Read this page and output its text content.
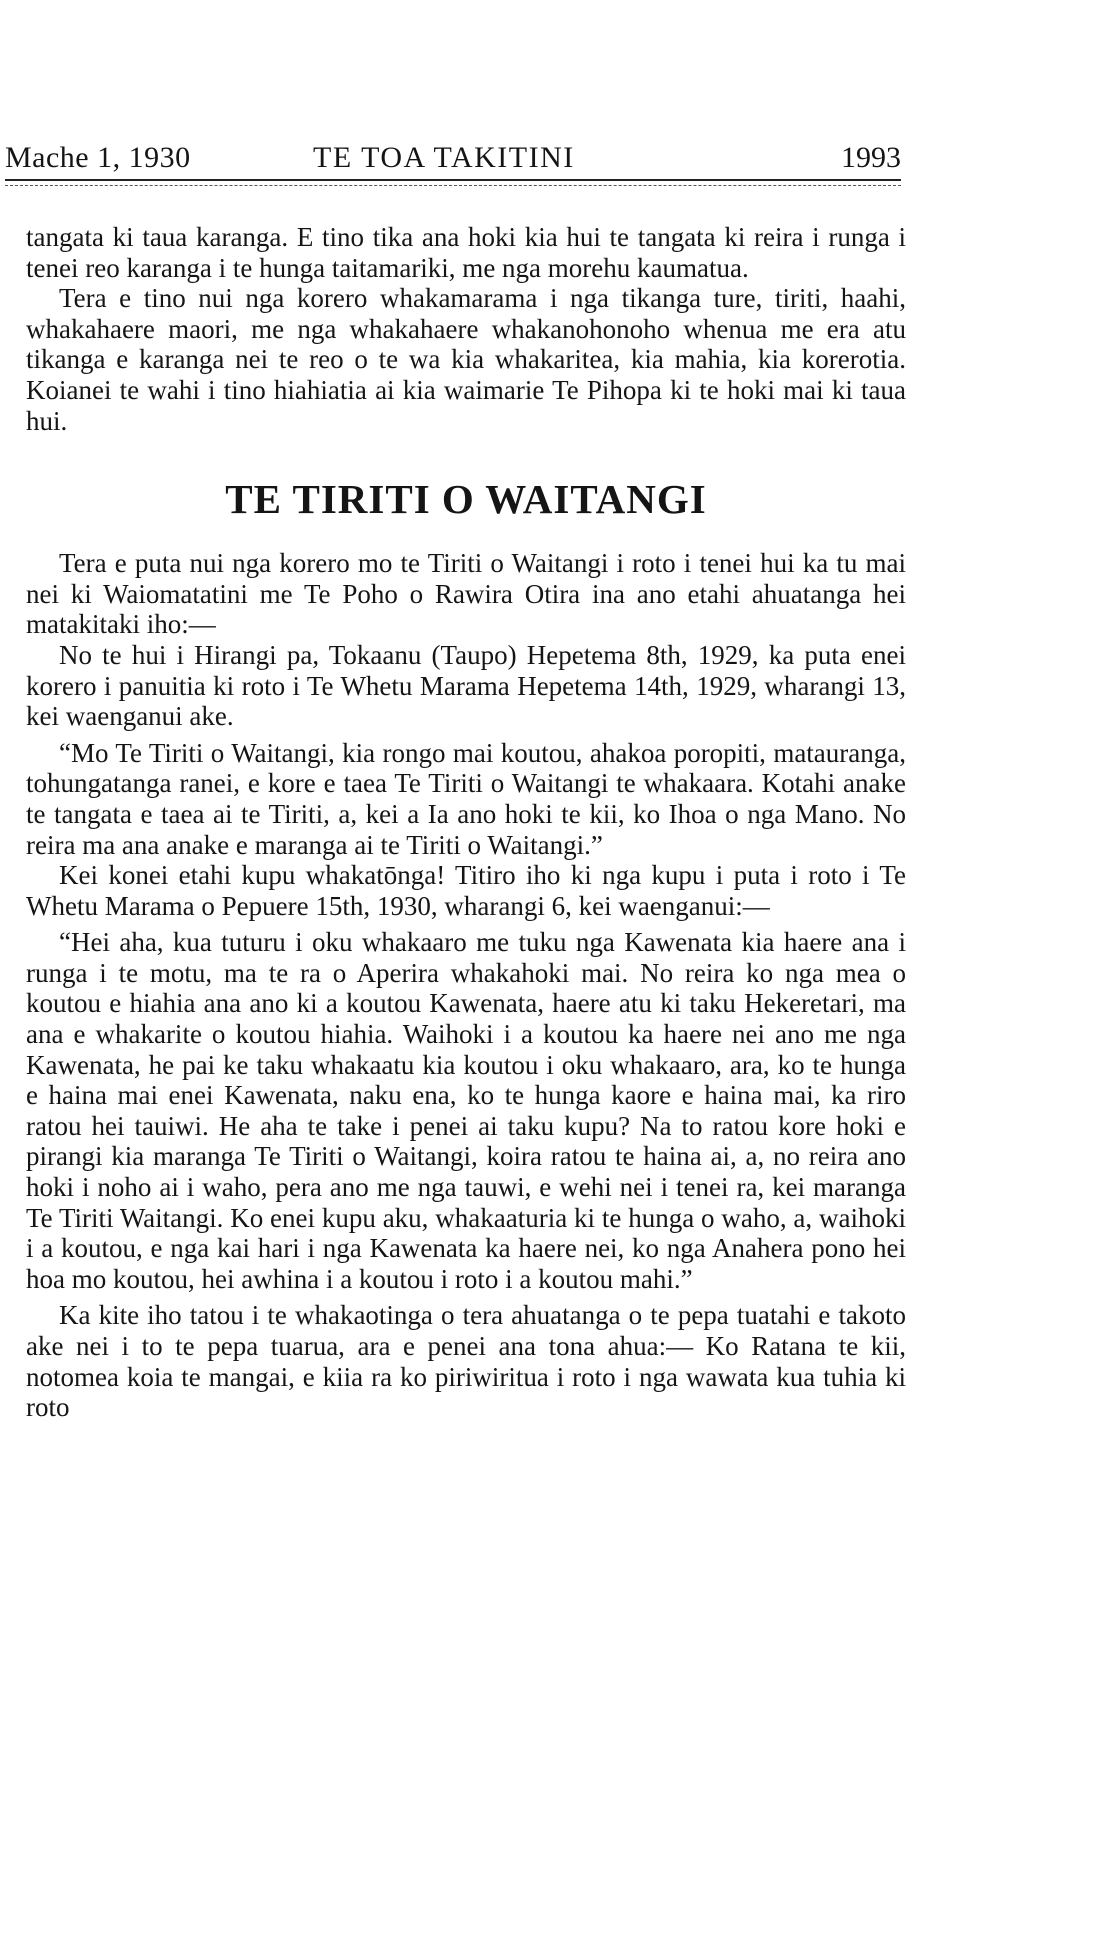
Mache 1, 1930	TE TOA TAKITINI	1993

tangata ki taua karanga. E tino tika ana hoki kia hui te tangata ki reira i runga i tenei reo karanga i te hunga taitamariki, me nga morehu kaumatua.

Tera e tino nui nga korero whakamarama i nga tikanga ture, tiriti, haahi, whakahaere maori, me nga whakahaere whakanohonoho whenua me era atu tikanga e karanga nei te reo o te wa kia whakaritea, kia mahia, kia korerotia. Koianei te wahi i tino hiahiatia ai kia waimarie Te Pihopa ki te hoki mai ki taua hui.

TE TIRITI O WAITANGI

Tera e puta nui nga korero mo te Tiriti o Waitangi i roto i tenei hui ka tu mai nei ki Waiomatatini me Te Poho o Rawira Otira ina ano etahi ahuatanga hei matakitaki iho:—

No te hui i Hirangi pa, Tokaanu (Taupo) Hepetema 8th, 1929, ka puta enei korero i panuitia ki roto i Te Whetu Marama Hepetema 14th, 1929, wharangi 13, kei waenganui ake.

“Mo Te Tiriti o Waitangi, kia rongo mai koutou, ahakoa poropiti, matauranga, tohungatanga ranei, e kore e taea Te Tiriti o Waitangi te whakaara. Kotahi anake te tangata e taea ai te Tiriti, a, kei a Ia ano hoki te kii, ko Ihoa o nga Mano. No reira ma ana anake e maranga ai te Tiriti o Waitangi.”

Kei konei etahi kupu whakatōnga! Titiro iho ki nga kupu i puta i roto i Te Whetu Marama o Pepuere 15th, 1930, wharangi 6, kei waenganui:—

“Hei aha, kua tuturu i oku whakaaro me tuku nga Kawenata kia haere ana i runga i te motu, ma te ra o Aperira whakahoki mai. No reira ko nga mea o koutou e hiahia ana ano ki a koutou Kawenata, haere atu ki taku Hekeretari, ma ana e whakarite o koutou hiahia. Waihoki i a koutou ka haere nei ano me nga Kawenata, he pai ke taku whakaatu kia koutou i oku whakaaro, ara, ko te hunga e haina mai enei Kawenata, naku ena, ko te hunga kaore e haina mai, ka riro ratou hei tauiwi. He aha te take i penei ai taku kupu? Na to ratou kore hoki e pirangi kia maranga Te Tiriti o Waitangi, koira ratou te haina ai, a, no reira ano hoki i noho ai i waho, pera ano me nga tauwi, e wehi nei i tenei ra, kei maranga Te Tiriti Waitangi. Ko enei kupu aku, whakaaturia ki te hunga o waho, a, waihoki i a koutou, e nga kai hari i nga Kawenata ka haere nei, ko nga Anahera pono hei hoa mo koutou, hei awhina i a koutou i roto i a koutou mahi.”

Ka kite iho tatou i te whakaotinga o tera ahuatanga o te pepa tuatahi e takoto ake nei i to te pepa tuarua, ara e penei ana tona ahua:— Ko Ratana te kii, notomea koia te mangai, e kiia ra ko piriwiritua i roto i nga wawata kua tuhia ki roto
